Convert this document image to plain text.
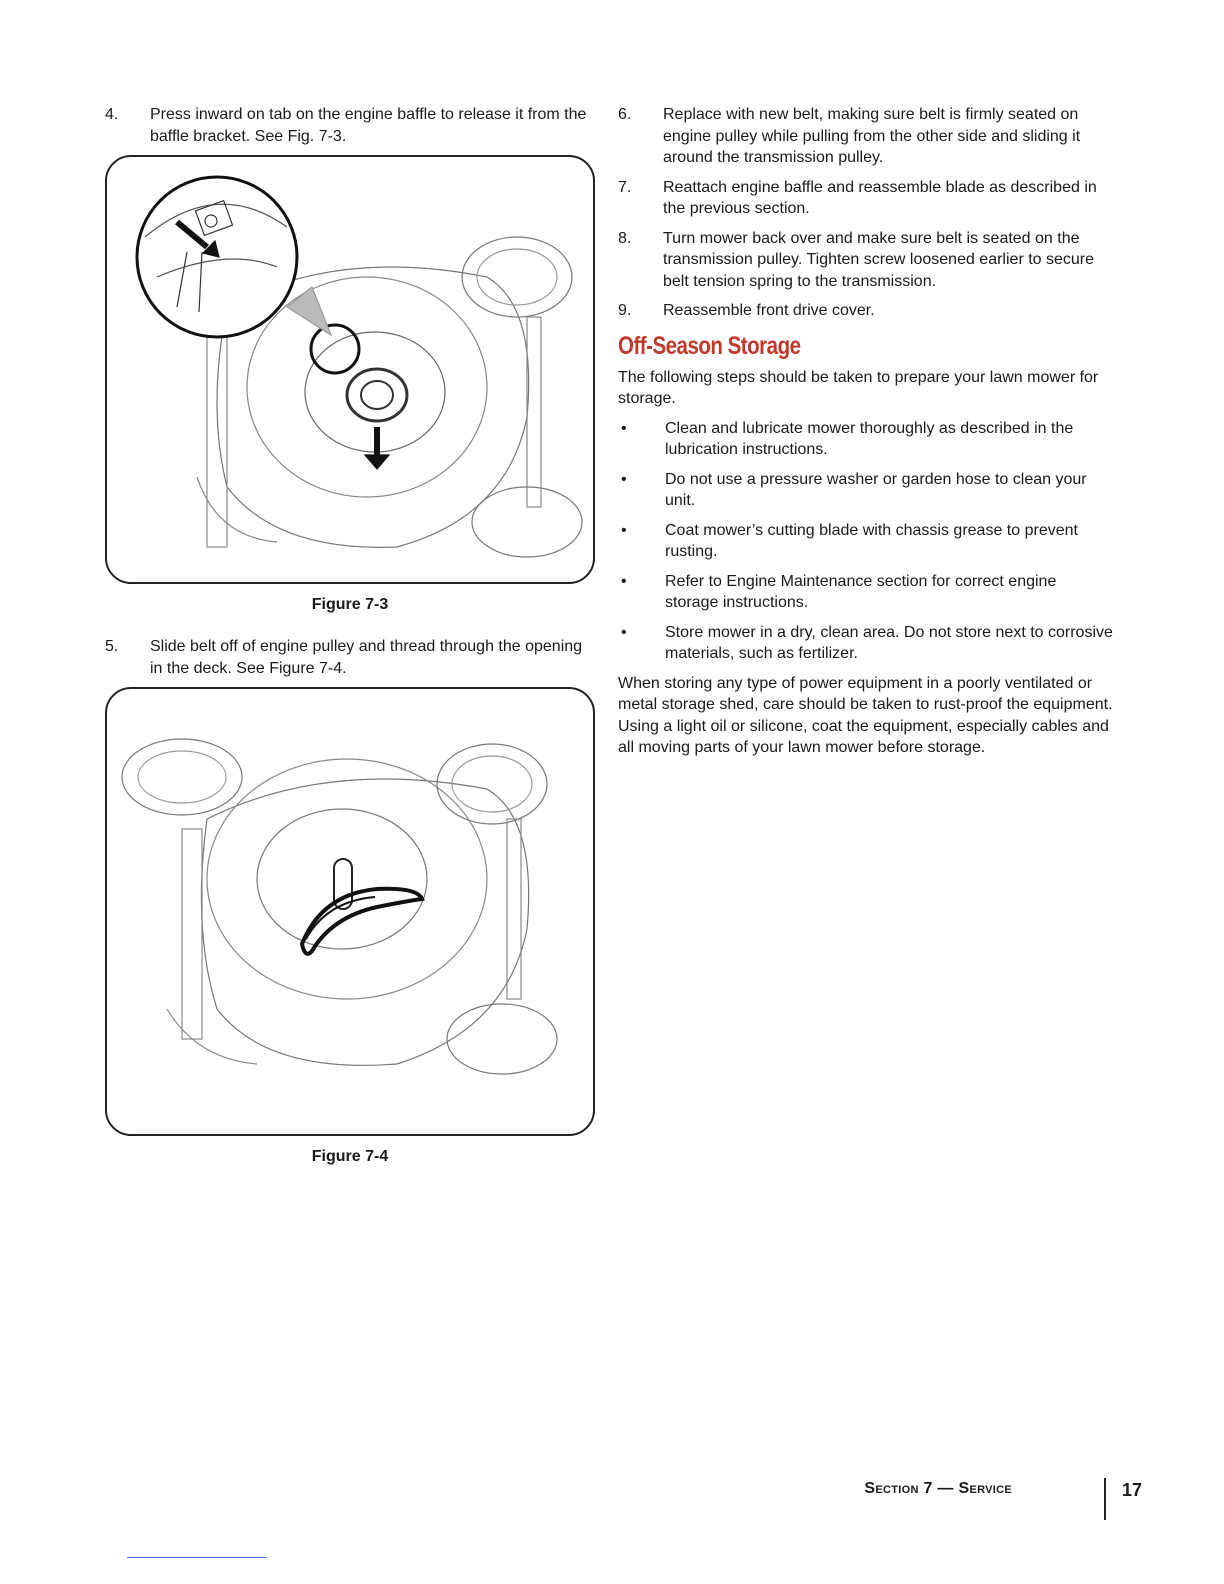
4.	Press inward on tab on the engine baffle to release it from the baffle bracket. See Fig. 7-3.
Figure 7-3
5.	Slide belt off of engine pulley and thread through the opening in the deck. See Figure 7-4.
Figure 7-4
6.	Replace with new belt, making sure belt is firmly seated on engine pulley while pulling from the other side and sliding it around the transmission pulley.
7.	Reattach engine baffle and reassemble blade as described in the previous section.
8.	Turn mower back over and make sure belt is seated on the transmission pulley. Tighten screw loosened earlier to secure belt tension spring to the transmission.
9.	Reassemble front drive cover.
Off-Season Storage
The following steps should be taken to prepare your lawn mower for storage.
•	Clean and lubricate mower thoroughly as described in the lubrication instructions.
•	Do not use a pressure washer or garden hose to clean your unit.
•	Coat mower’s cutting blade with chassis grease to prevent rusting.
•	Refer to Engine Maintenance section for correct engine storage instructions.
•	Store mower in a dry, clean area. Do not store next to corrosive materials, such as fertilizer.
When storing any type of power equipment in a poorly ventilated or metal storage shed, care should be taken to rust-proof the equipment. Using a light oil or silicone, coat the equipment, especially cables and all moving parts of your lawn mower before storage.
Section 7 — Service	17
